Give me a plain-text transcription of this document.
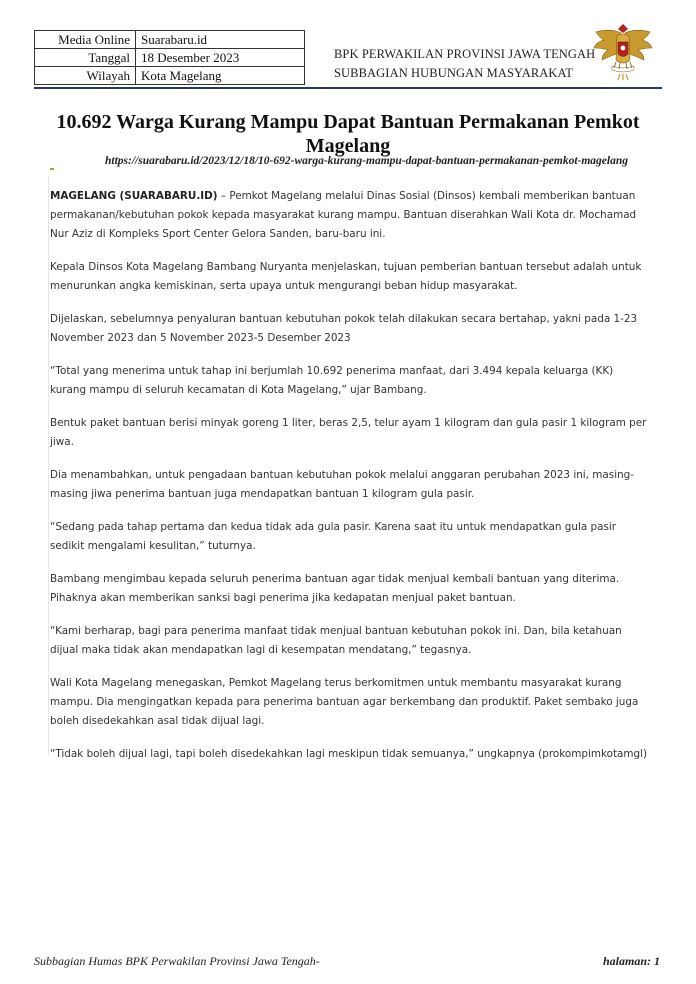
Media Online	Suarabaru.id
Tanggal	18 Desember 2023
Wilayah	Kota Magelang
BPK PERWAKILAN PROVINSI JAWA TENGAH
SUBBAGIAN HUBUNGAN MASYARAKAT
10.692 Warga Kurang Mampu Dapat Bantuan Permakanan Pemkot Magelang
https://suarabaru.id/2023/12/18/10-692-warga-kurang-mampu-dapat-bantuan-permakanan-pemkot-magelang

MAGELANG (SUARABARU.ID) – Pemkot Magelang melalui Dinas Sosial (Dinsos) kembali memberikan bantuan permakanan/kebutuhan pokok kepada masyarakat kurang mampu. Bantuan diserahkan Wali Kota dr. Mochamad Nur Aziz di Kompleks Sport Center Gelora Sanden, baru-baru ini.

Kepala Dinsos Kota Magelang Bambang Nuryanta menjelaskan, tujuan pemberian bantuan tersebut adalah untuk menurunkan angka kemiskinan, serta upaya untuk mengurangi beban hidup masyarakat.

Dijelaskan, sebelumnya penyaluran bantuan kebutuhan pokok telah dilakukan secara bertahap, yakni pada 1-23 November 2023 dan 5 November 2023-5 Desember 2023

“Total yang menerima untuk tahap ini berjumlah 10.692 penerima manfaat, dari 3.494 kepala keluarga (KK) kurang mampu di seluruh kecamatan di Kota Magelang,” ujar Bambang.

Bentuk paket bantuan berisi minyak goreng 1 liter, beras 2,5, telur ayam 1 kilogram dan gula pasir 1 kilogram per jiwa.

Dia menambahkan, untuk pengadaan bantuan kebutuhan pokok melalui anggaran perubahan 2023 ini, masing-masing jiwa penerima bantuan juga mendapatkan bantuan 1 kilogram gula pasir.

“Sedang pada tahap pertama dan kedua tidak ada gula pasir. Karena saat itu untuk mendapatkan gula pasir sedikit mengalami kesulitan,” tuturnya.

Bambang mengimbau kepada seluruh penerima bantuan agar tidak menjual kembali bantuan yang diterima. Pihaknya akan memberikan sanksi bagi penerima jika kedapatan menjual paket bantuan.

“Kami berharap, bagi para penerima manfaat tidak menjual bantuan kebutuhan pokok ini. Dan, bila ketahuan dijual maka tidak akan mendapatkan lagi di kesempatan mendatang,” tegasnya.

Wali Kota Magelang menegaskan, Pemkot Magelang terus berkomitmen untuk membantu masyarakat kurang mampu. Dia mengingatkan kepada para penerima bantuan agar berkembang dan produktif. Paket sembako juga boleh disedekahkan asal tidak dijual lagi.

“Tidak boleh dijual lagi, tapi boleh disedekahkan lagi meskipun tidak semuanya,” ungkapnya (prokompimkotamgl)

Subbagian Humas BPK Perwakilan Provinsi Jawa Tengah-	halaman: 1
